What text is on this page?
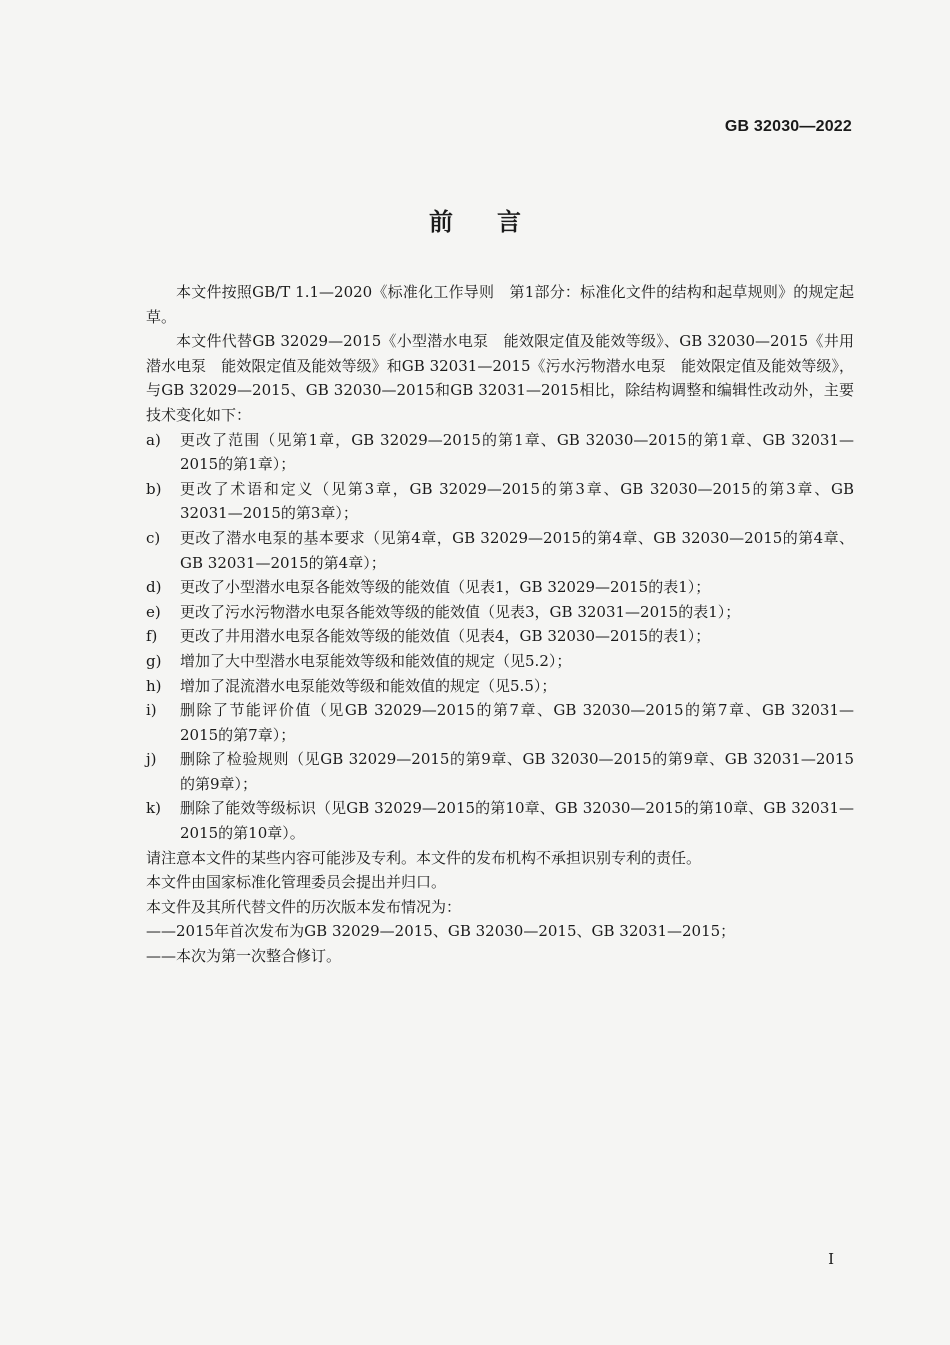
GB 32030—2022
前言

本文件按照GB/T 1.1—2020《标准化工作导则　第1部分：标准化文件的结构和起草规则》的规定起草。

本文件代替GB 32029—2015《小型潜水电泵　能效限定值及能效等级》、GB 32030—2015《井用潜水电泵　能效限定值及能效等级》和GB 32031—2015《污水污物潜水电泵　能效限定值及能效等级》，与GB 32029—2015、GB 32030—2015和GB 32031—2015相比，除结构调整和编辑性改动外，主要技术变化如下：

a)	更改了范围（见第1章，GB 32029—2015的第1章、GB 32030—2015的第1章、GB 32031—2015的第1章）；
b)	更改了术语和定义（见第3章，GB 32029—2015的第3章、GB 32030—2015的第3章、GB 32031—2015的第3章）；
c)	更改了潜水电泵的基本要求（见第4章，GB 32029—2015的第4章、GB 32030—2015的第4章、GB 32031—2015的第4章）；
d)	更改了小型潜水电泵各能效等级的能效值（见表1，GB 32029—2015的表1）；
e)	更改了污水污物潜水电泵各能效等级的能效值（见表3，GB 32031—2015的表1）；
f)	更改了井用潜水电泵各能效等级的能效值（见表4，GB 32030—2015的表1）；
g)	增加了大中型潜水电泵能效等级和能效值的规定（见5.2）；
h)	增加了混流潜水电泵能效等级和能效值的规定（见5.5）；
i)	删除了节能评价值（见GB 32029—2015的第7章、GB 32030—2015的第7章、GB 32031—2015的第7章）；
j)	删除了检验规则（见GB 32029—2015的第9章、GB 32030—2015的第9章、GB 32031—2015的第9章）；
k)	删除了能效等级标识（见GB 32029—2015的第10章、GB 32030—2015的第10章、GB 32031—2015的第10章）。

请注意本文件的某些内容可能涉及专利。本文件的发布机构不承担识别专利的责任。

本文件由国家标准化管理委员会提出并归口。

本文件及其所代替文件的历次版本发布情况为：

——2015年首次发布为GB 32029—2015、GB 32030—2015、GB 32031—2015；

——本次为第一次整合修订。

I
